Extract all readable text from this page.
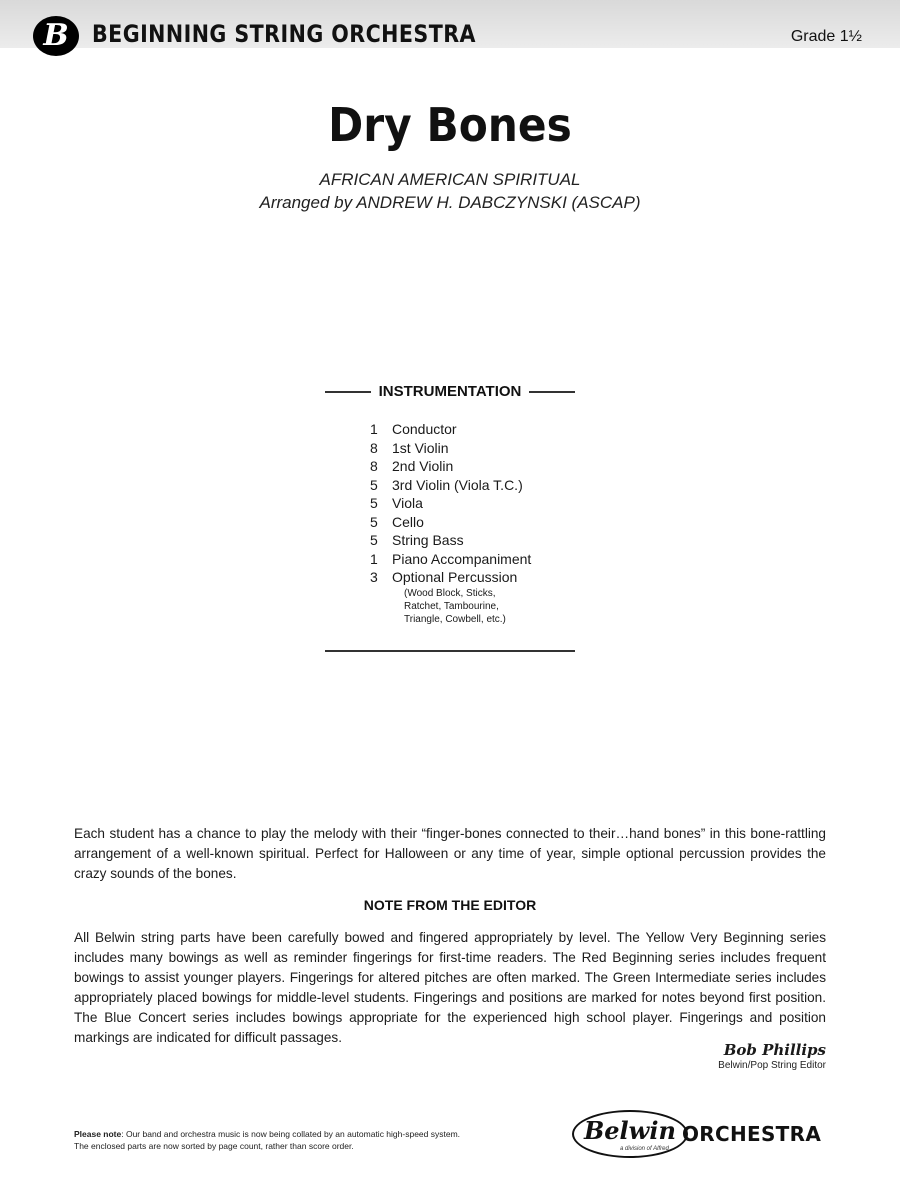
B BEGINNING STRING ORCHESTRA	Grade 1½
Dry Bones
AFRICAN AMERICAN SPIRITUAL
Arranged by ANDREW H. DABCZYNSKI (ASCAP)
INSTRUMENTATION
1	Conductor
8	1st Violin
8	2nd Violin
5	3rd Violin (Viola T.C.)
5	Viola
5	Cello
5	String Bass
1	Piano Accompaniment
3	Optional Percussion
(Wood Block, Sticks,
Ratchet, Tambourine,
Triangle, Cowbell, etc.)
Each student has a chance to play the melody with their “finger-bones connected to their…hand bones” in this bone-rattling arrangement of a well-known spiritual. Perfect for Halloween or any time of year, simple optional percussion provides the crazy sounds of the bones.
NOTE FROM THE EDITOR
All Belwin string parts have been carefully bowed and fingered appropriately by level. The Yellow Very Beginning series includes many bowings as well as reminder fingerings for first-time readers. The Red Beginning series includes frequent bowings to assist younger players. Fingerings for altered pitches are often marked. The Green Intermediate series includes appropriately placed bowings for middle-level students. Fingerings and positions are marked for notes beyond first position. The Blue Concert series includes bowings appropriate for the experienced high school player. Fingerings and position markings are indicated for difficult passages.
Bob Phillips
Belwin/Pop String Editor
Please note: Our band and orchestra music is now being collated by an automatic high-speed system.
The enclosed parts are now sorted by page count, rather than score order.
Belwin ORCHESTRA
a division of Alfred
